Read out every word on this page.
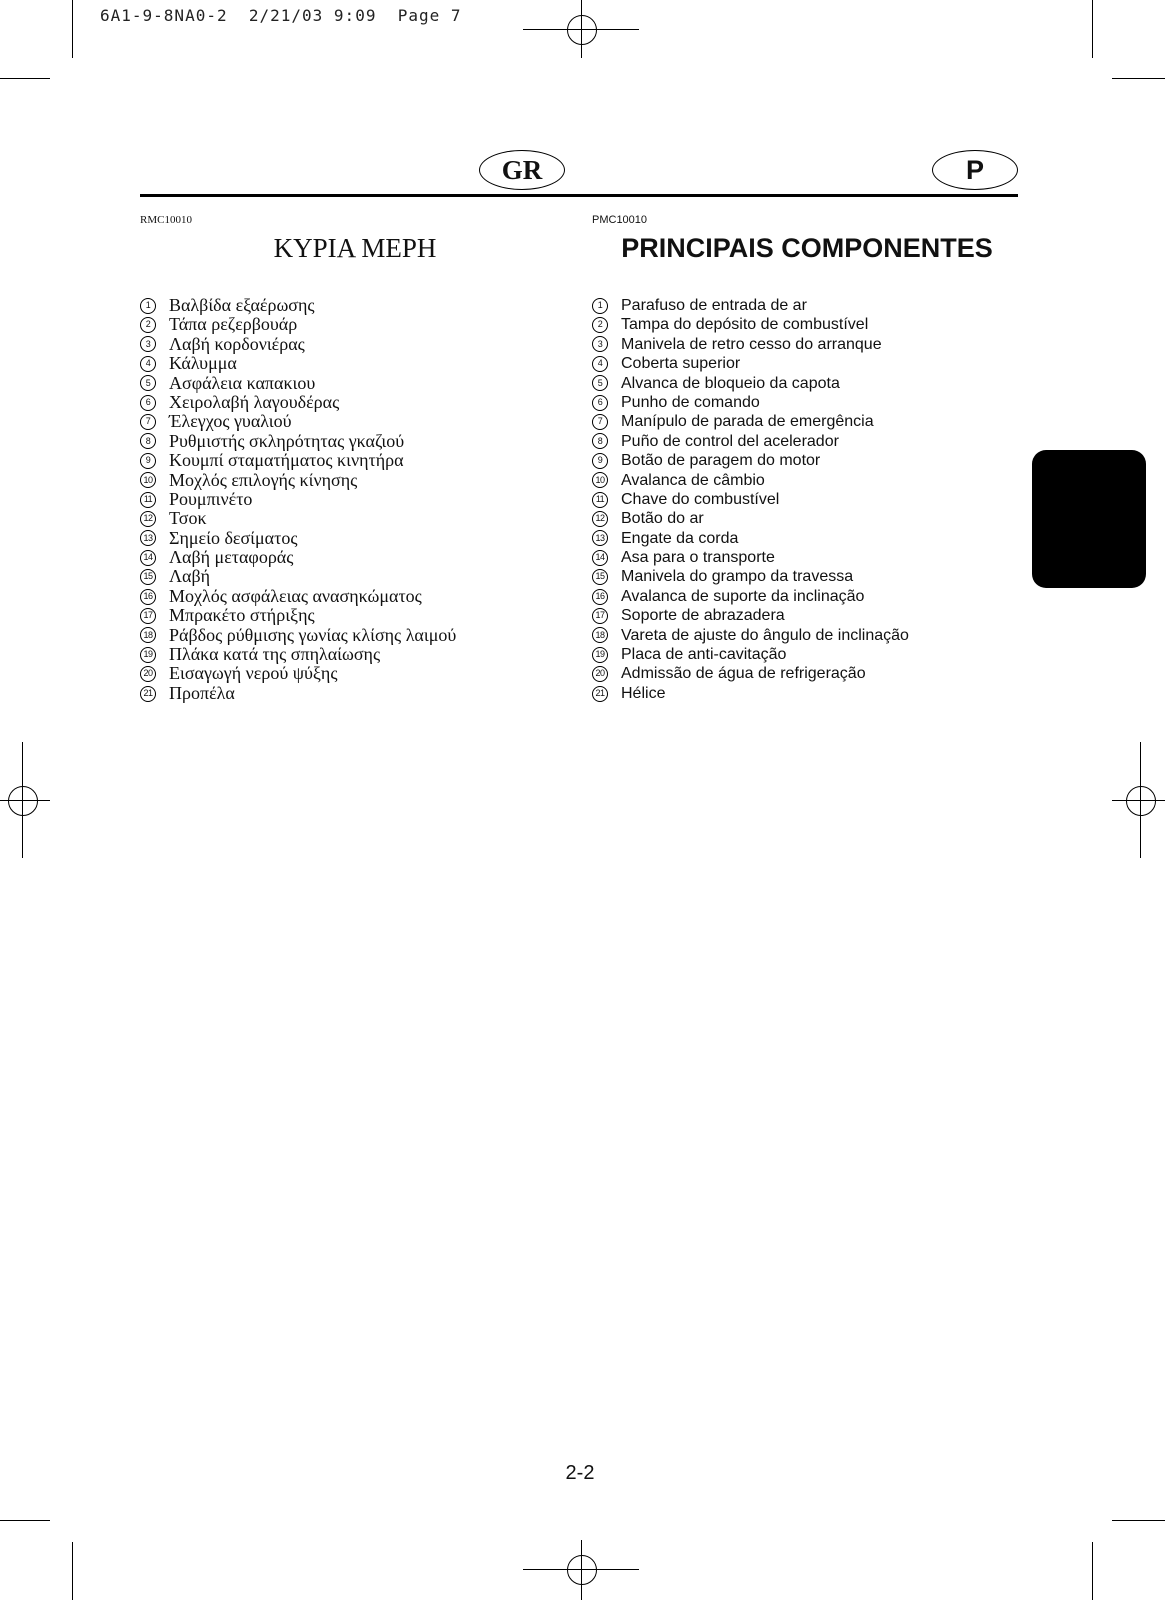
6A1-9-8NA0-2  2/21/03 9:09  Page 7
GR	P
RMC10010
ΚΥΡΙΑ ΜΕΡΗ
1	Βαλβίδα εξαέρωσης
2	Τάπα ρεζερβουάρ
3	Λαβή κορδονιέρας
4	Κάλυμμα
5	Ασφάλεια καπακιου
6	Χειρολαβή λαγουδέρας
7	Έλεγχος γυαλιού
8	Ρυθμιστής σκληρότητας γκαζιού
9	Κουμπί σταματήματος κινητήρα
10 Μοχλός επιλογής κίνησης
11 Ρουμπινέτο
12 Τσοκ
13 Σημείο δεσίματος
14 Λαβή μεταφοράς
15 Λαβή
16 Μοχλός ασφάλειας ανασηκώματος
17 Μπρακέτο στήριξης
18 Ράβδος ρύθμισης γωνίας κλίσης λαιμού
19 Πλάκα κατά της σπηλαίωσης
20 Εισαγωγή νερού ψύξης
21 Προπέλα
PMC10010
PRINCIPAIS COMPONENTES
1	Parafuso de entrada de ar
2	Tampa do depósito de combustível
3	Manivela de retro cesso do arranque
4	Coberta superior
5	Alvanca de bloqueio da capota
6	Punho de comando
7	Manípulo de parada de emergência
8	Puño de control del acelerador
9	Botão de paragem do motor
10 Avalanca de câmbio
11 Chave do combustível
12 Botão do ar
13 Engate da corda
14 Asa para o transporte
15 Manivela do grampo da travessa
16 Avalanca de suporte da inclinação
17 Soporte de abrazadera
18 Vareta de ajuste do ângulo de inclinação
19 Placa de anti-cavitação
20 Admissão de água de refrigeração
21 Hélice
2-2
